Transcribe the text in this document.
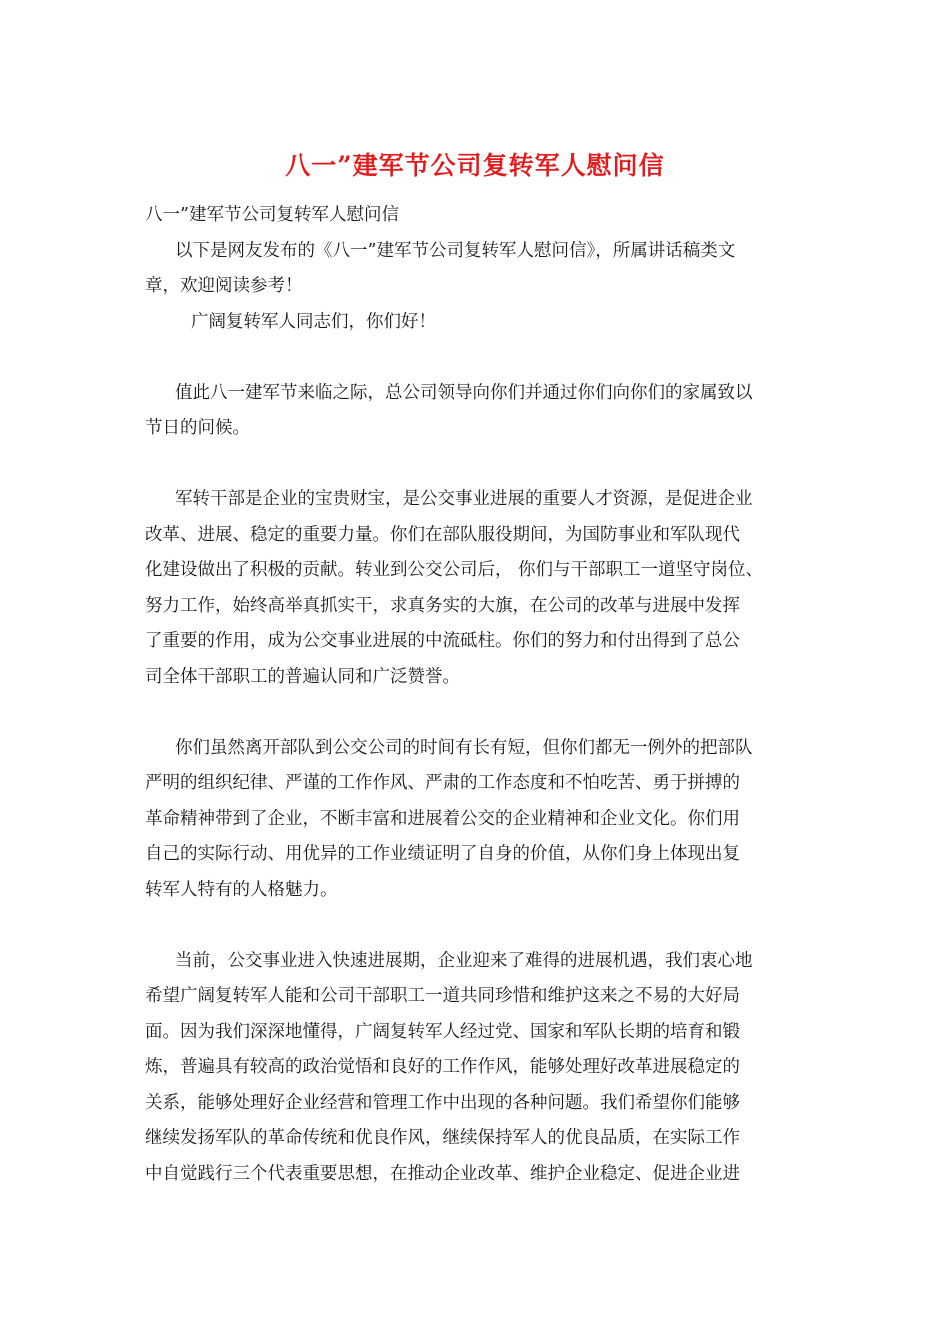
八一”建军节公司复转军人慰问信
八一”建军节公司复转军人慰问信
以下是网友发布的《八一”建军节公司复转军人慰问信》，所属讲话稿类文
章，欢迎阅读参考！
广阔复转军人同志们，你们好！
值此八一建军节来临之际，总公司领导向你们并通过你们向你们的家属致以
节日的问候。
军转干部是企业的宝贵财宝，是公交事业进展的重要人才资源，是促进企业
改革、进展、稳定的重要力量。你们在部队服役期间，为国防事业和军队现代
化建设做出了积极的贡献。转业到公交公司后， 你们与干部职工一道坚守岗位、
努力工作，始终高举真抓实干，求真务实的大旗，在公司的改革与进展中发挥
了重要的作用，成为公交事业进展的中流砥柱。你们的努力和付出得到了总公
司全体干部职工的普遍认同和广泛赞誉。
你们虽然离开部队到公交公司的时间有长有短，但你们都无一例外的把部队
严明的组织纪律、严谨的工作作风、严肃的工作态度和不怕吃苦、勇于拼搏的
革命精神带到了企业，不断丰富和进展着公交的企业精神和企业文化。你们用
自己的实际行动、用优异的工作业绩证明了自身的价值，从你们身上体现出复
转军人特有的人格魅力。
当前，公交事业进入快速进展期，企业迎来了难得的进展机遇，我们衷心地
希望广阔复转军人能和公司干部职工一道共同珍惜和维护这来之不易的大好局
面。因为我们深深地懂得，广阔复转军人经过党、国家和军队长期的培育和锻
炼，普遍具有较高的政治觉悟和良好的工作作风，能够处理好改革进展稳定的
关系，能够处理好企业经营和管理工作中出现的各种问题。我们希望你们能够
继续发扬军队的革命传统和优良作风，继续保持军人的优良品质，在实际工作
中自觉践行三个代表重要思想，在推动企业改革、维护企业稳定、促进企业进
